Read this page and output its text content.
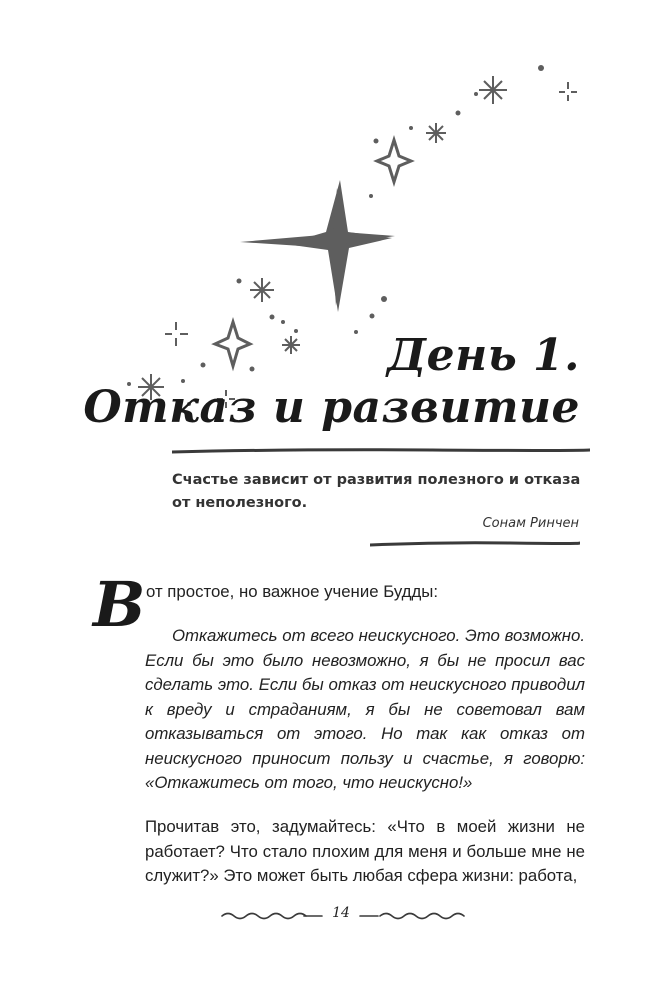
День 1.
Отказ и развитие

Счастье зависит от развития полезного и отказа от неполезного.

Сонам Ринчен

В от простое, но важное учение Будды:

Откажитесь от всего неискусного. Это возможно. Если бы это было невозможно, я бы не просил вас сделать это. Если бы отказ от неискусного приводил к вреду и страданиям, я бы не советовал вам отказываться от этого. Но так как отказ от неискусного приносит пользу и счастье, я говорю: «Откажитесь от того, что неискусно!»

Прочитав это, задумайтесь: «Что в моей жизни не работает? Что стало плохим для меня и больше мне не служит?» Это может быть любая сфера жизни: работа,

14
